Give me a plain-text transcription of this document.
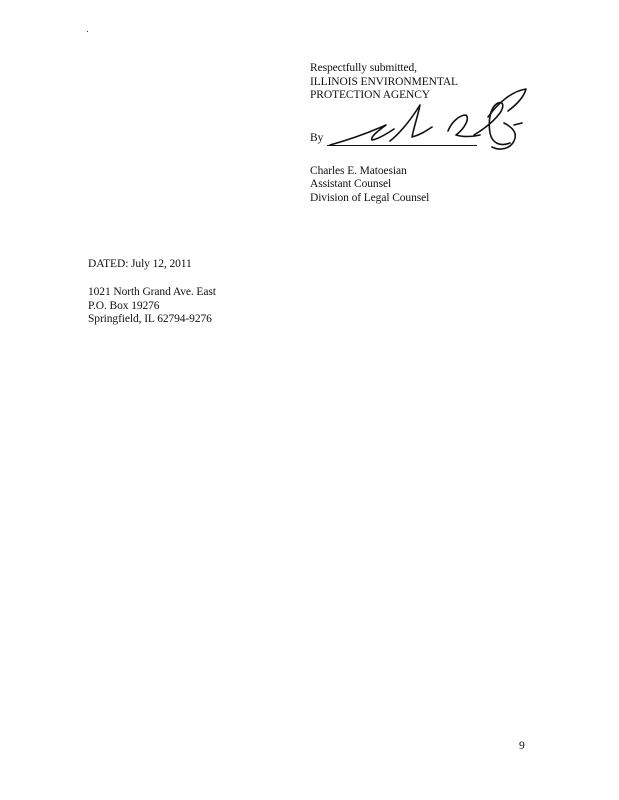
Respectfully submitted,
ILLINOIS ENVIRONMENTAL
PROTECTION AGENCY
By
Charles E. Matoesian
Assistant Counsel
Division of Legal Counsel
DATED: July 12, 2011
1021 North Grand Ave. East
P.O. Box 19276
Springfield, IL 62794-9276
9
